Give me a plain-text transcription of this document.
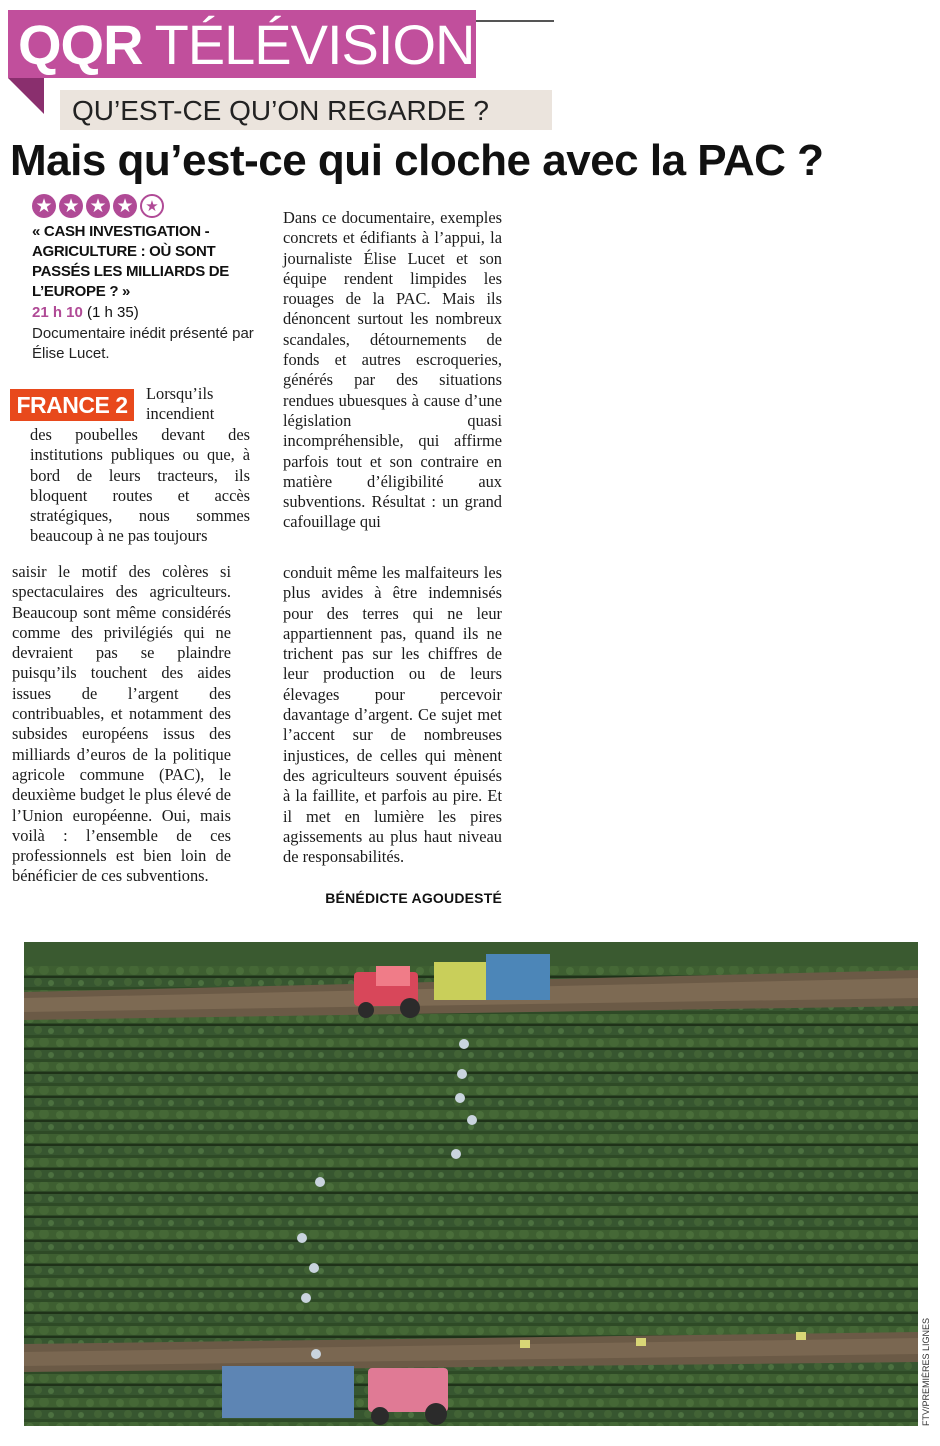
QQR TÉLÉVISION
QU’EST-CE QU’ON REGARDE ?
Mais qu’est-ce qui cloche avec la PAC ?
★ ★ ★ ★ ★
« CASH INVESTIGATION - AGRICULTURE : OÙ SONT PASSÉS LES MILLIARDS DE L’EUROPE ? »
21 h 10 (1 h 35)
Documentaire inédit présenté par Élise Lucet.
FRANCE 2	Lorsqu’ils incendient

des poubelles devant des institutions publiques ou que, à bord de leurs tracteurs, ils bloquent routes et accès stratégiques, nous sommes beaucoup à ne pas toujours

saisir le motif des colères si spectaculaires des agriculteurs. Beaucoup sont même considérés comme des privilégiés qui ne devraient pas se plaindre puisqu’ils touchent des aides issues de l’argent des contribuables, et notamment des subsides européens issus des milliards d’euros de la politique agricole commune (PAC), le deuxième budget le plus élevé de l’Union européenne. Oui, mais voilà : l’ensemble de ces professionnels est bien loin de bénéficier de ces subventions.

Dans ce documentaire, exemples concrets et édifiants à l’appui, la journaliste Élise Lucet et son équipe rendent limpides les rouages de la PAC. Mais ils dénoncent surtout les nombreux scandales, détournements de fonds et autres escroqueries, générés par des situations rendues ubuesques à cause d’une législation quasi incompréhensible, qui affirme parfois tout et son contraire en matière d’éligibilité aux subventions. Résultat : un grand cafouillage qui

conduit même les malfaiteurs les plus avides à être indemnisés pour des terres qui ne leur appartiennent pas, quand ils ne trichent pas sur les chiffres de leur production ou de leurs élevages pour percevoir davantage d’argent. Ce sujet met l’accent sur de nombreuses injustices, de celles qui mènent des agriculteurs souvent épuisés à la faillite, et parfois au pire. Et il met en lumière les pires agissements au plus haut niveau de responsabilités.

BÉNÉDICTE AGOUDESTÉ
FTV/PREMIÈRES LIGNES
